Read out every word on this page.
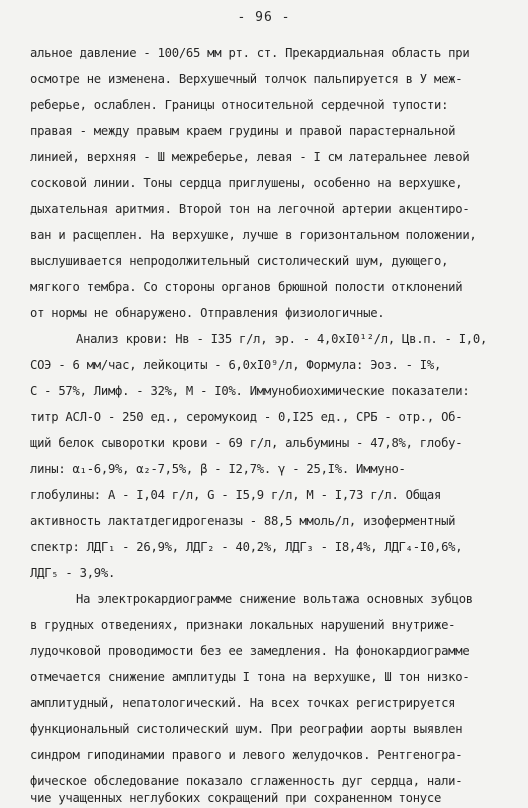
- 96 -
альное давление - 100/65 мм рт. ст. Прекардиальная область при
осмотре не изменена. Верхушечный толчок пальпируется в У меж-
реберье, ослаблен. Границы относительной сердечной тупости:
правая - между правым краем грудины и правой парастернальной
линией, верхняя - Ш межреберье, левая - I см латеральнее левой
сосковой линии. Тоны сердца приглушены, особенно на верхушке,
дыхательная аритмия. Второй тон на легочной артерии акцентиро-
ван и расщеплен. На верхушке, лучше в горизонтальном положении,
выслушивается непродолжительный систолический шум, дующего,
мягкого тембра. Со стороны органов брюшной полости отклонений
от нормы не обнаружено. Отправления физиологичные.
Анализ крови: Нв - I35 г/л, эр. - 4,0хI0¹²/л, Цв.п. - I,0,
СОЭ - 6 мм/час, лейкоциты - 6,0хI0⁹/л, Формула: Эоз. - I%,
С - 57%, Лимф. - 32%, М - I0%. Иммунобиохимические показатели:
титр АСЛ-О - 250 ед., серомукоид - 0,I25 ед., СРБ - отр., Об-
щий белок сыворотки крови - 69 г/л, альбумины - 47,8%, глобу-
лины: α₁-6,9%, α₂-7,5%, β - I2,7%. γ - 25,I%. Иммуно-
глобулины: А - I,04 г/л, G - I5,9 г/л, М - I,73 г/л. Общая
активность лактатдегидрогеназы - 88,5 ммоль/л, изоферментный
спектр: ЛДГ₁ - 26,9%, ЛДГ₂ - 40,2%, ЛДГ₃ - I8,4%, ЛДГ₄-I0,6%,
ЛДГ₅ - 3,9%.
На электрокардиограмме снижение вольтажа основных зубцов
в грудных отведениях, признаки локальных нарушений внутриже-
лудочковой проводимости без ее замедления. На фонокардиограмме
отмечается снижение амплитуды I тона на верхушке, Ш тон низко-
амплитудный, непатологический. На всех точках регистрируется
функциональный систолический шум. При реографии аорты выявлен
синдром гиподинамии правого и левого желудочков. Рентгеногра-
фическое обследование показало сглаженность дуг сердца, нали-
чие учащенных неглубоких сокращений при сохраненном тонусе
